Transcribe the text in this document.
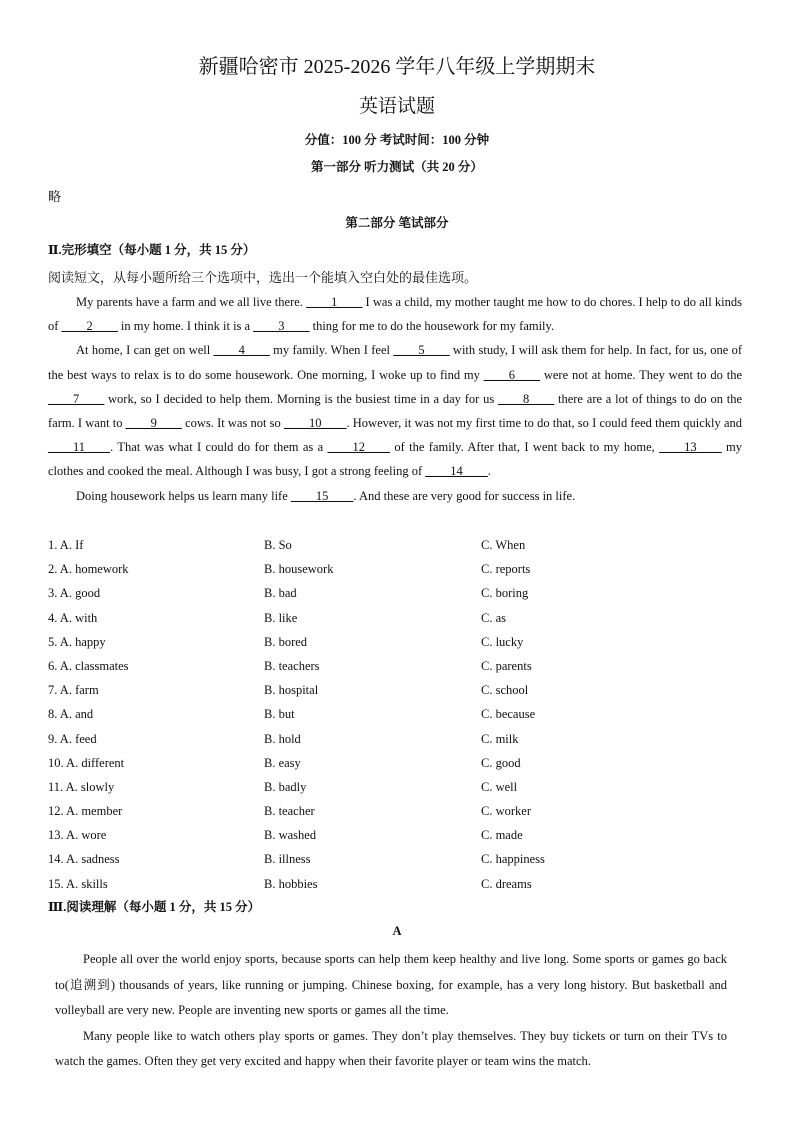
新疆哈密市 2025-2026 学年八年级上学期期末
英语试题
分值：100 分 考试时间：100 分钟
第一部分 听力测试（共 20 分）
略
第二部分 笔试部分
Ⅱ.完形填空（每小题 1 分，共 15 分）
阅读短文，从每小题所给三个选项中，选出一个能填入空白处的最佳选项。

My parents have a farm and we all live there. ____1____ I was a child, my mother taught me how to do chores. I help to do all kinds of ____2____ in my home. I think it is a ____3____ thing for me to do the housework for my family.

At home, I can get on well ____4____ my family. When I feel ____5____ with study, I will ask them for help. In fact, for us, one of the best ways to relax is to do some housework. One morning, I woke up to find my ____6____ were not at home. They went to do the ____7____ work, so I decided to help them. Morning is the busiest time in a day for us ____8____ there are a lot of things to do on the farm. I want to ____9____ cows. It was not so ____10____. However, it was not my first time to do that, so I could feed them quickly and ____11____. That was what I could do for them as a ____12____ of the family. After that, I went back to my home, ____13____ my clothes and cooked the meal. Although I was busy, I got a strong feeling of ____14____.

Doing housework helps us learn many life ____15____. And these are very good for success in life.

1. A. If	B. So	C. When
2. A. homework	B. housework	C. reports
3. A. good	B. bad	C. boring
4. A. with	B. like	C. as
5. A. happy	B. bored	C. lucky
6. A. classmates	B. teachers	C. parents
7. A. farm	B. hospital	C. school
8. A. and	B. but	C. because
9. A. feed	B. hold	C. milk
10. A. different	B. easy	C. good
11. A. slowly	B. badly	C. well
12. A. member	B. teacher	C. worker
13. A. wore	B. washed	C. made
14. A. sadness	B. illness	C. happiness
15. A. skills	B. hobbies	C. dreams
Ⅲ.阅读理解（每小题 1 分，共 15 分）
A

People all over the world enjoy sports, because sports can help them keep healthy and live long. Some sports or games go back to(追溯到) thousands of years, like running or jumping. Chinese boxing, for example, has a very long history. But basketball and volleyball are very new. People are inventing new sports or games all the time.

Many people like to watch others play sports or games. They don’t play themselves. They buy tickets or turn on their TVs to watch the games. Often they get very excited and happy when their favorite player or team wins the match.
